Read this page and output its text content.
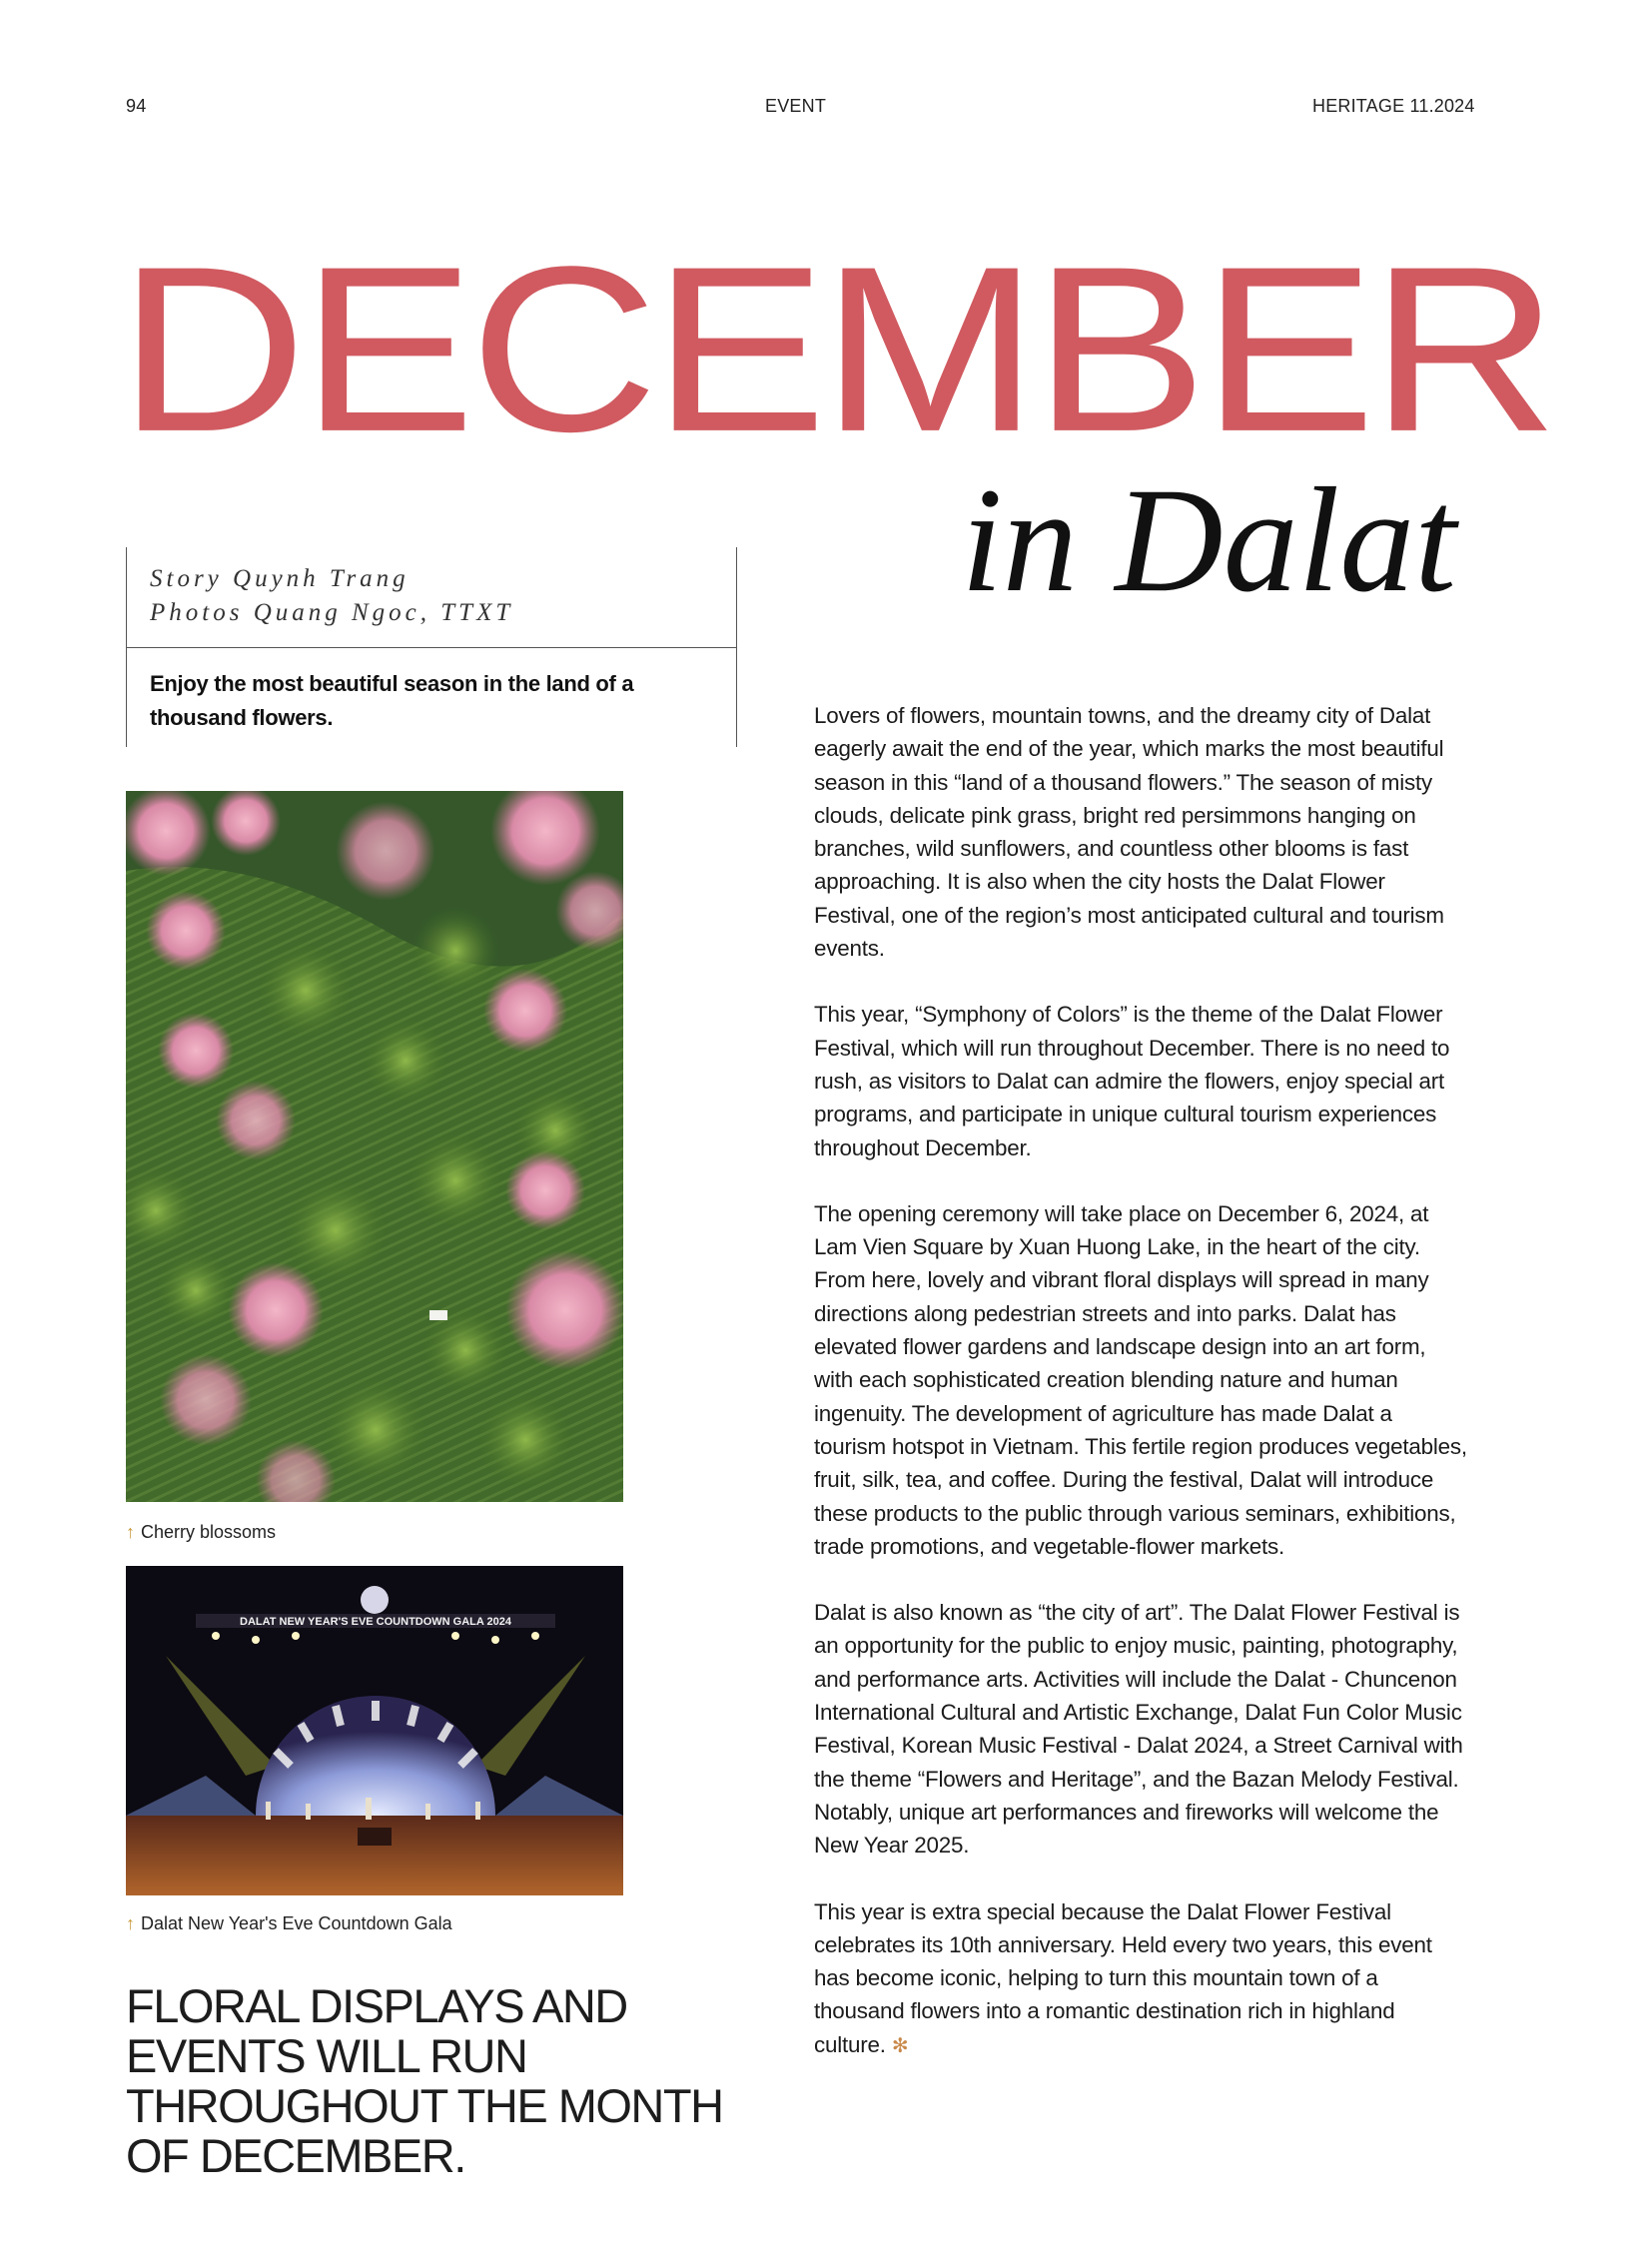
94	EVENT	HERITAGE 11.2024
DECEMBER
in Dalat
Story Quynh Trang
Photos Quang Ngoc, TTXT
Enjoy the most beautiful season in the land of a thousand flowers.
↑ Cherry blossoms
DALAT NEW YEAR'S EVE COUNTDOWN GALA 2024
↑ Dalat New Year's Eve Countdown Gala
FLORAL DISPLAYS AND EVENTS WILL RUN THROUGHOUT THE MONTH OF DECEMBER.

Lovers of flowers, mountain towns, and the dreamy city of Dalat eagerly await the end of the year, which marks the most beautiful season in this “land of a thousand flowers.” The season of misty clouds, delicate pink grass, bright red persimmons hanging on branches, wild sunflowers, and countless other blooms is fast approaching. It is also when the city hosts the Dalat Flower Festival, one of the region’s most anticipated cultural and tourism events.

This year, “Symphony of Colors” is the theme of the Dalat Flower Festival, which will run throughout December. There is no need to rush, as visitors to Dalat can admire the flowers, enjoy special art programs, and participate in unique cultural tourism experiences throughout December.

The opening ceremony will take place on December 6, 2024, at Lam Vien Square by Xuan Huong Lake, in the heart of the city. From here, lovely and vibrant floral displays will spread in many directions along pedestrian streets and into parks. Dalat has elevated flower gardens and landscape design into an art form, with each sophisticated creation blending nature and human ingenuity. The development of agriculture has made Dalat a tourism hotspot in Vietnam. This fertile region produces vegetables, fruit, silk, tea, and coffee. During the festival, Dalat will introduce these products to the public through various seminars, exhibitions, trade promotions, and vegetable-flower markets.

Dalat is also known as “the city of art”. The Dalat Flower Festival is an opportunity for the public to enjoy music, painting, photography, and performance arts. Activities will include the Dalat - Chuncenon International Cultural and Artistic Exchange, Dalat Fun Color Music Festival, Korean Music Festival - Dalat 2024, a Street Carnival with the theme “Flowers and Heritage”, and the Bazan Melody Festival. Notably, unique art performances and fireworks will welcome the New Year 2025.

This year is extra special because the Dalat Flower Festival celebrates its 10th anniversary. Held every two years, this event has become iconic, helping to turn this mountain town of a thousand flowers into a romantic destination rich in highland culture. ✻
